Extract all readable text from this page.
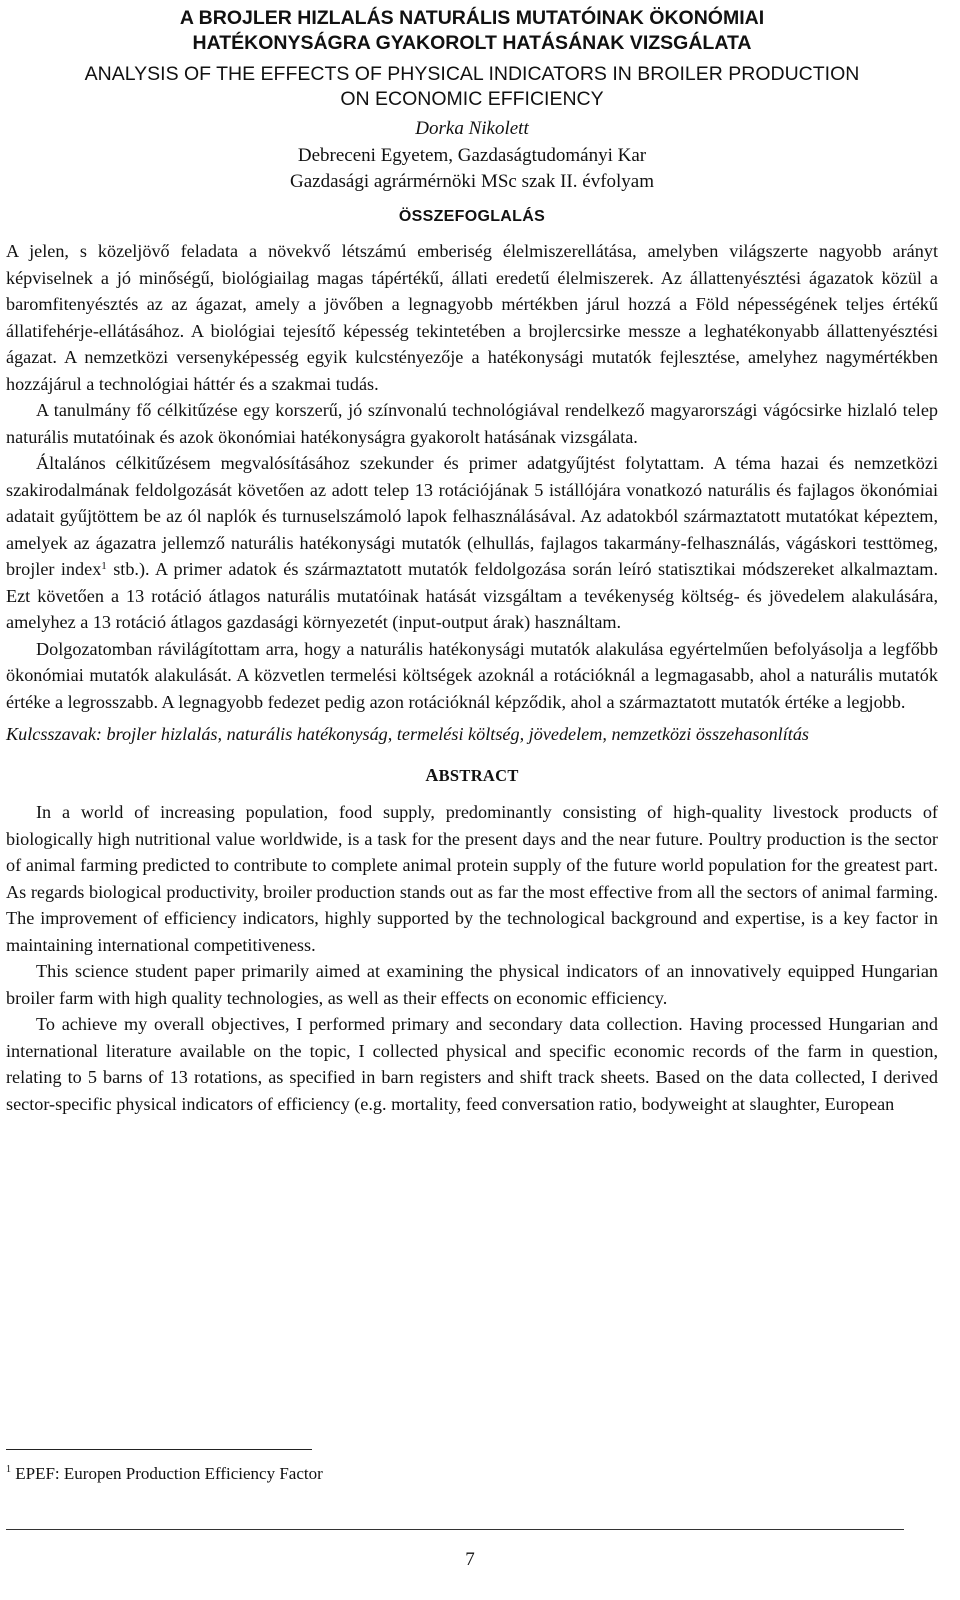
A BROJLER HIZLALÁS NATURÁLIS MUTATÓINAK ÖKONÓMIAI
HATÉKONYSÁGRA GYAKOROLT HATÁSÁNAK VIZSGÁLATA
ANALYSIS OF THE EFFECTS OF PHYSICAL INDICATORS IN BROILER PRODUCTION
ON ECONOMIC EFFICIENCY
Dorka Nikolett
Debreceni Egyetem, Gazdaságtudományi Kar
Gazdasági agrármérnöki MSc szak II. évfolyam
ÖSSZEFOGLALÁS

A jelen, s közeljövő feladata a növekvő létszámú emberiség élelmiszerellátása, amelyben világszerte nagyobb arányt képviselnek a jó minőségű, biológiailag magas tápértékű, állati eredetű élelmiszerek. Az állattenyésztési ágazatok közül a baromfitenyésztés az az ágazat, amely a jövőben a legnagyobb mértékben járul hozzá a Föld népességének teljes értékű állatifehérje-ellátásához. A biológiai tejesítő képesség tekintetében a brojlercsirke messze a leghatékonyabb állattenyésztési ágazat. A nemzetközi versenyképesség egyik kulcstényezője a hatékonysági mutatók fejlesztése, amelyhez nagymértékben hozzájárul a technológiai háttér és a szakmai tudás.

A tanulmány fő célkitűzése egy korszerű, jó színvonalú technológiával rendelkező magyarországi vágócsirke hizlaló telep naturális mutatóinak és azok ökonómiai hatékonyságra gyakorolt hatásának vizsgálata.

Általános célkitűzésem megvalósításához szekunder és primer adatgyűjtést folytattam. A téma hazai és nemzetközi szakirodalmának feldolgozását követően az adott telep 13 rotációjának 5 istállójára vonatkozó naturális és fajlagos ökonómiai adatait gyűjtöttem be az ól naplók és turnuselszámoló lapok felhasználásával. Az adatokból származtatott mutatókat képeztem, amelyek az ágazatra jellemző naturális hatékonysági mutatók (elhullás, fajlagos takarmány-felhasználás, vágáskori testtömeg, brojler index$^1$ stb.). A primer adatok és származtatott mutatók feldolgozása során leíró statisztikai módszereket alkalmaztam. Ezt követően a 13 rotáció átlagos naturális mutatóinak hatását vizsgáltam a tevékenység költség- és jövedelem alakulására, amelyhez a 13 rotáció átlagos gazdasági környezetét (input-output árak) használtam.

Dolgozatomban rávilágítottam arra, hogy a naturális hatékonysági mutatók alakulása egyértelműen befolyásolja a legfőbb ökonómiai mutatók alakulását. A közvetlen termelési költségek azoknál a rotációknál a legmagasabb, ahol a naturális mutatók értéke a legrosszabb. A legnagyobb fedezet pedig azon rotációknál képződik, ahol a származtatott mutatók értéke a legjobb.

Kulcsszavak: brojler hizlalás, naturális hatékonyság, termelési költség, jövedelem, nemzetközi összehasonlítás

ABSTRACT

In a world of increasing population, food supply, predominantly consisting of high-quality livestock products of biologically high nutritional value worldwide, is a task for the present days and the near future. Poultry production is the sector of animal farming predicted to contribute to complete animal protein supply of the future world population for the greatest part. As regards biological productivity, broiler production stands out as far the most effective from all the sectors of animal farming. The improvement of efficiency indicators, highly supported by the technological background and expertise, is a key factor in maintaining international competitiveness.

This science student paper primarily aimed at examining the physical indicators of an innovatively equipped Hungarian broiler farm with high quality technologies, as well as their effects on economic efficiency.

To achieve my overall objectives, I performed primary and secondary data collection. Having processed Hungarian and international literature available on the topic, I collected physical and specific economic records of the farm in question, relating to 5 barns of 13 rotations, as specified in barn registers and shift track sheets. Based on the data collected, I derived sector-specific physical indicators of efficiency (e.g. mortality, feed conversation ratio, bodyweight at slaughter, European

$^1$ EPEF: Europen Production Efficiency Factor
7
